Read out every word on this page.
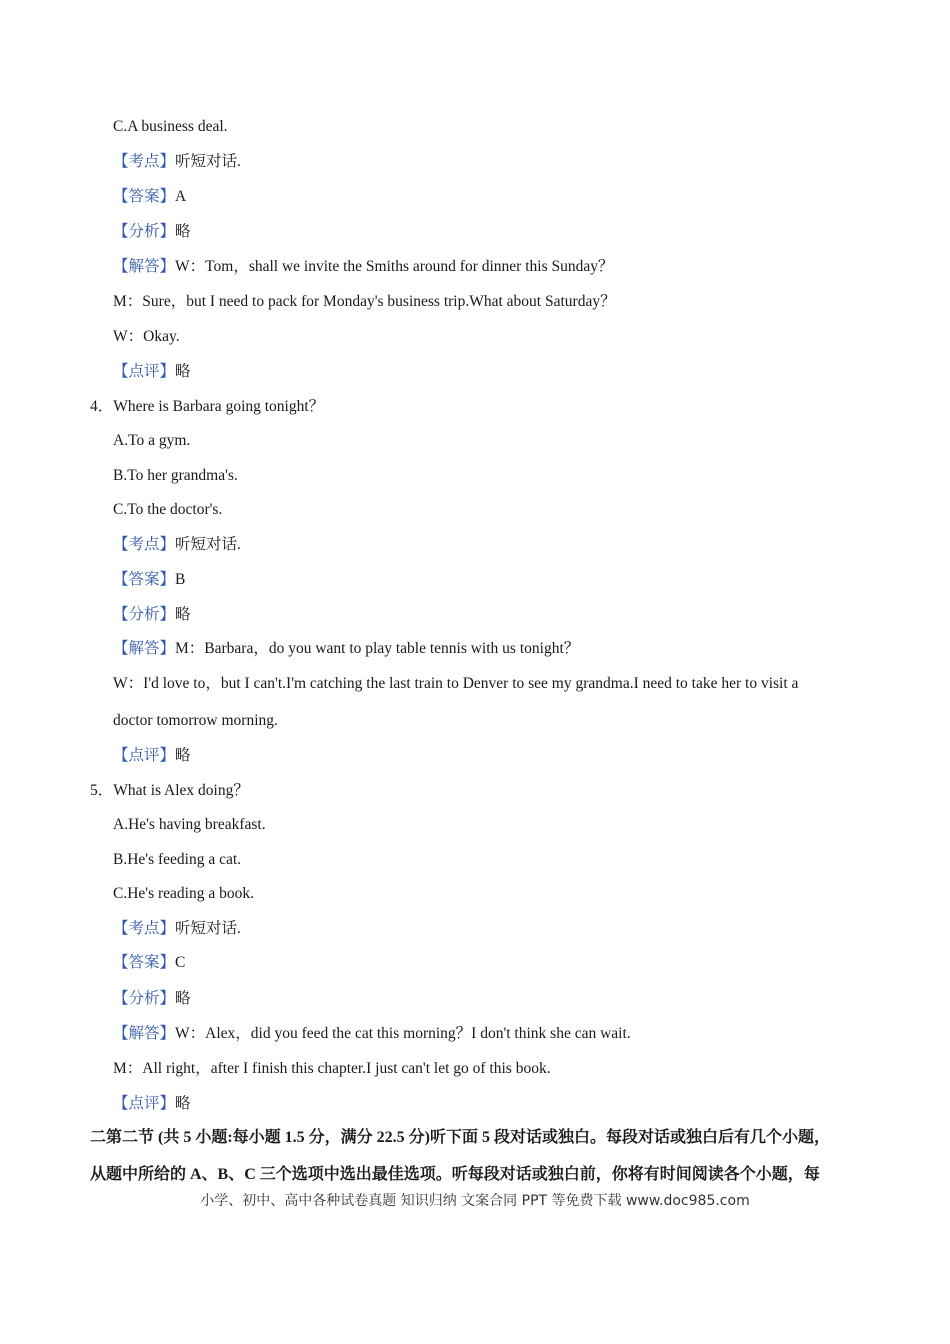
C.A business deal.
【考点】听短对话.
【答案】A
【分析】略
【解答】W：Tom，shall we invite the Smiths around for dinner this Sunday？
M：Sure，but I need to pack for Monday's business trip.What about Saturday？
W：Okay.
【点评】略
4．Where is Barbara going tonight？
A.To a gym.
B.To her grandma's.
C.To the doctor's.
【考点】听短对话.
【答案】B
【分析】略
【解答】M：Barbara，do you want to play table tennis with us tonight？
W：I'd love to，but I can't.I'm catching the last train to Denver to see my grandma.I need to take her to visit a
doctor tomorrow morning.
【点评】略
5．What is Alex doing？
A.He's having breakfast.
B.He's feeding a cat.
C.He's reading a book.
【考点】听短对话.
【答案】C
【分析】略
【解答】W：Alex，did you feed the cat this morning？I don't think she can wait.
M：All right，after I finish this chapter.I just can't let go of this book.
【点评】略
二第二节 (共 5 小题:每小题 1.5 分，满分 22.5 分)听下面 5 段对话或独白。每段对话或独白后有几个小题，
从题中所给的 A、B、C 三个选项中选出最佳选项。听每段对话或独白前，你将有时间阅读各个小题，每
小学、初中、高中各种试卷真题 知识归纳 文案合同 PPT 等免费下载 www.doc985.com
